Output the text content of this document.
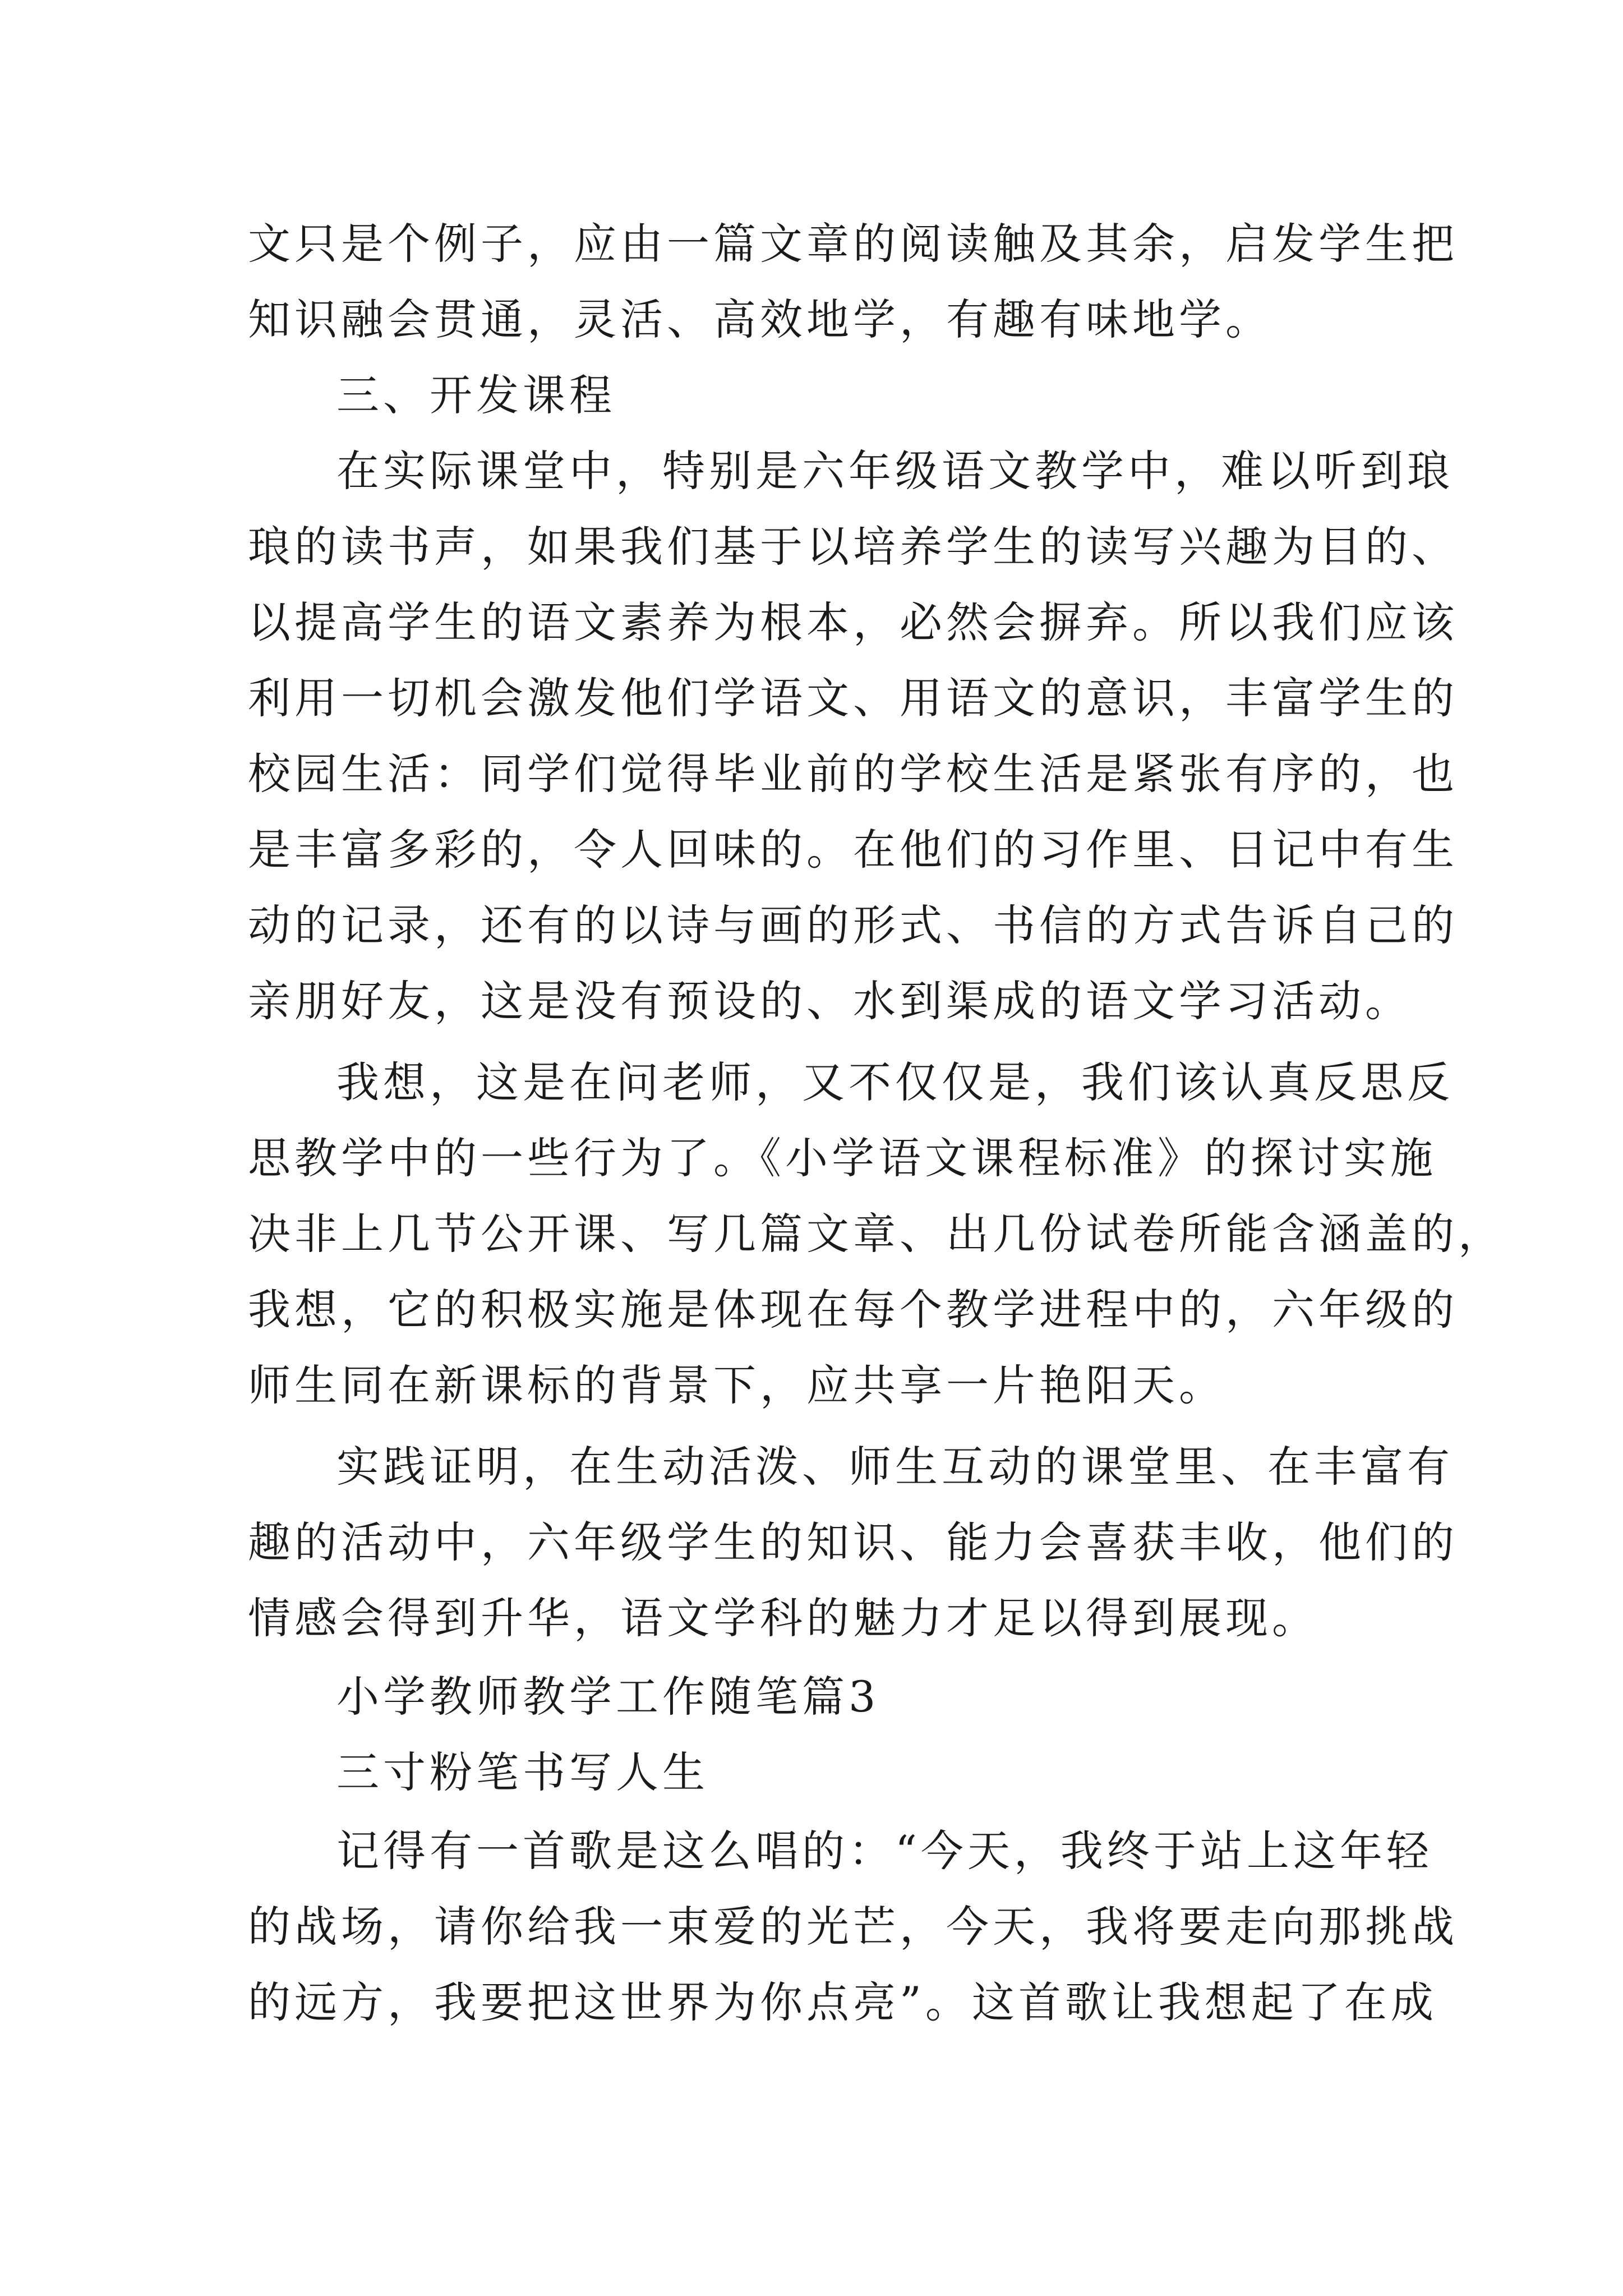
文只是个例子，应由一篇文章的阅读触及其余，启发学生把
知识融会贯通，灵活、高效地学，有趣有味地学。
三、开发课程
在实际课堂中，特别是六年级语文教学中，难以听到琅
琅的读书声，如果我们基于以培养学生的读写兴趣为目的、
以提高学生的语文素养为根本，必然会摒弃。所以我们应该
利用一切机会激发他们学语文、用语文的意识，丰富学生的
校园生活：同学们觉得毕业前的学校生活是紧张有序的，也
是丰富多彩的，令人回味的。在他们的习作里、日记中有生
动的记录，还有的以诗与画的形式、书信的方式告诉自己的
亲朋好友，这是没有预设的、水到渠成的语文学习活动。
我想，这是在问老师，又不仅仅是，我们该认真反思反
思教学中的一些行为了。《小学语文课程标准》的探讨实施
决非上几节公开课、写几篇文章、出几份试卷所能含涵盖的，
我想，它的积极实施是体现在每个教学进程中的，六年级的
师生同在新课标的背景下，应共享一片艳阳天。
实践证明，在生动活泼、师生互动的课堂里、在丰富有
趣的活动中，六年级学生的知识、能力会喜获丰收，他们的
情感会得到升华，语文学科的魅力才足以得到展现。
小学教师教学工作随笔篇3
三寸粉笔书写人生
记得有一首歌是这么唱的：“今天，我终于站上这年轻
的战场，请你给我一束爱的光芒，今天，我将要走向那挑战
的远方，我要把这世界为你点亮”。这首歌让我想起了在成
